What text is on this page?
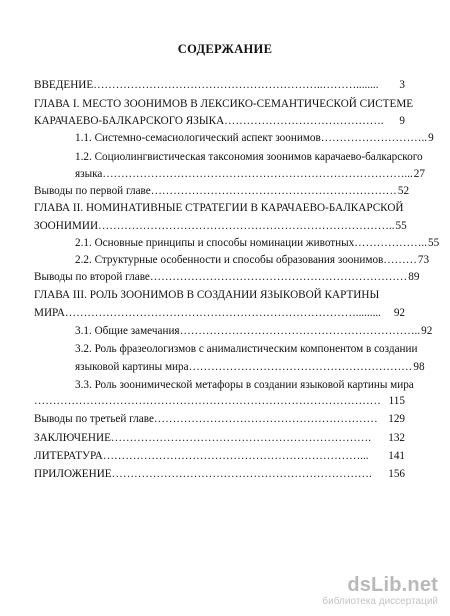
СОДЕРЖАНИЕ
ВВЕДЕНИЕ ……………………………………………………..………........	3
ГЛАВА I. МЕСТО ЗООНИМОВ В ЛЕКСИКО-СЕМАНТИЧЕСКОЙ СИСТЕМЕ
КАРАЧАЕВО-БАЛКАРСКОГО ЯЗЫКА …………………………………….	9
1.1. Системно-семасиологический аспект зоонимов ……………………….. 9
1.2. Социолингвистическая таксономия зоонимов карачаево-балкарского
языка ………………………………………………………………………... 27
Выводы по первой главе ………………………………………………………… 52
ГЛАВА II. НОМИНАТИВНЫЕ СТРАТЕГИИ В КАРАЧАЕВО-БАЛКАРСКОЙ
ЗООНИМИИ …………………………………………………………………….. 55
2.1. Основные принципы и способы номинации животных ……………….. 55
2.2. Структурные особенности и способы образования зоонимов ……… 73
Выводы по второй главе …………………………………………………………… 89
ГЛАВА III. РОЛЬ ЗООНИМОВ В СОЗДАНИИ ЯЗЫКОВОЙ КАРТИНЫ
МИРА …………………………………………………………………….........	92
3.1. Общие замечания ……………………………………………………….. 92
3.2. Роль фразеологизмов с анималистическим компонентом в создании
языковой картины мира …………………………………………………… 98
3.3. Роль зоонимической метафоры в создании языковой картины мира
………………………………………………………………………………… 115
Выводы по третьей главе …………………………………………………… 129
ЗАКЛЮЧЕНИЕ …………………………………………………………….	132
ЛИТЕРАТУРА ……………………………………………………………...	141
ПРИЛОЖЕНИЕ …………………………………………………………….	156
dsLib.net
библиотека диссертаций
